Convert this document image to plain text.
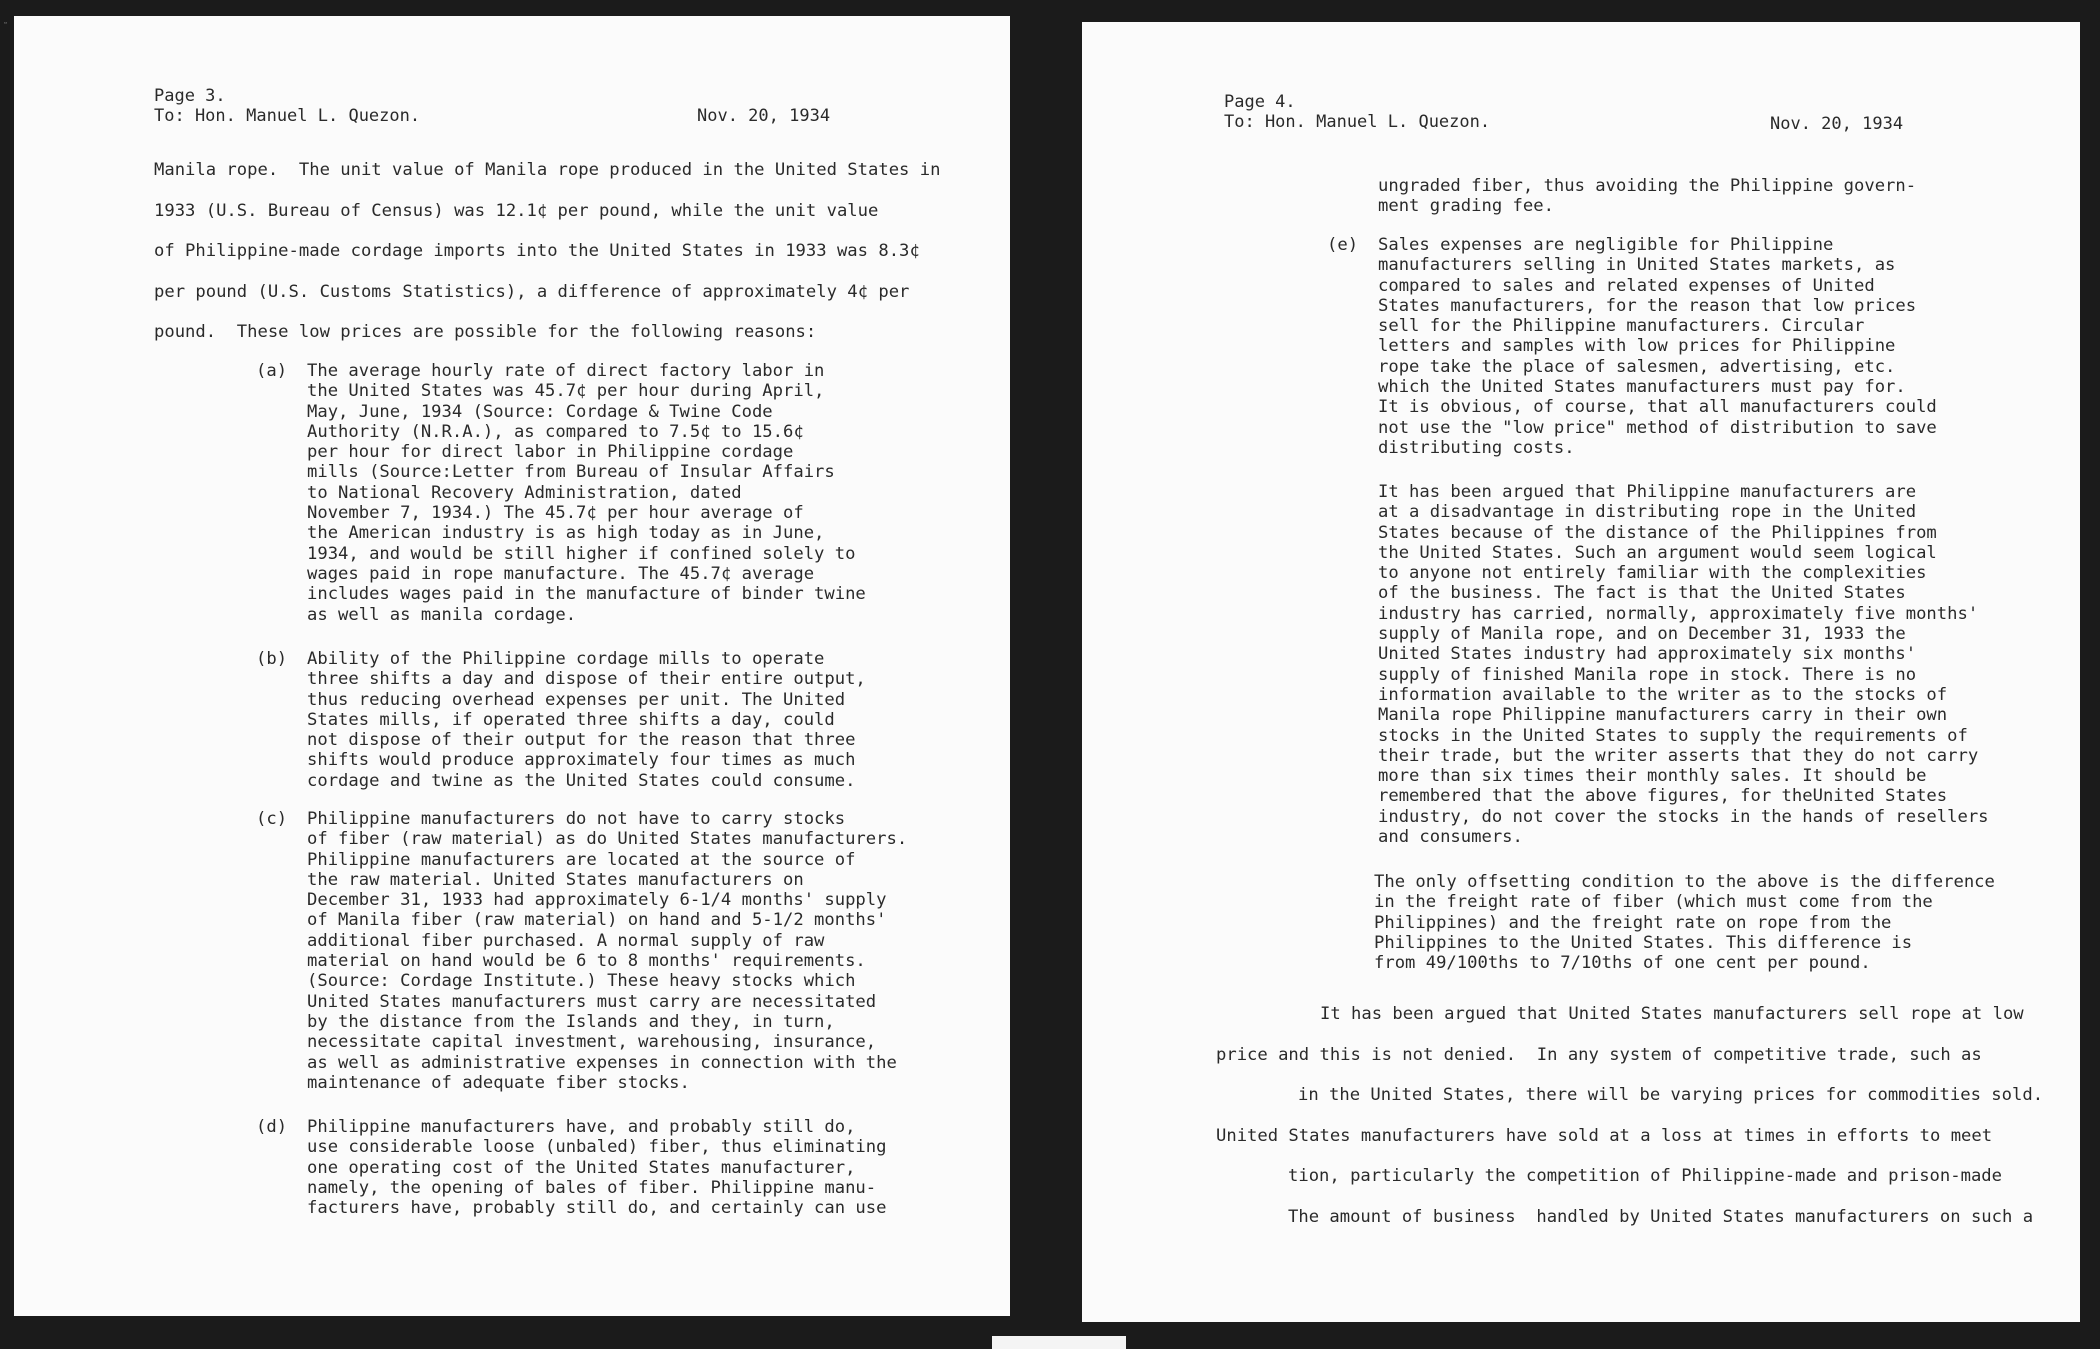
▭
Page 3.
To: Hon. Manuel L. Quezon.	Nov. 20, 1934
Manila rope.  The unit value of Manila rope produced in the United States in
1933 (U.S. Bureau of Census) was 12.1¢ per pound, while the unit value
of Philippine-made cordage imports into the United States in 1933 was 8.3¢
per pound (U.S. Customs Statistics), a difference of approximately 4¢ per
pound.  These low prices are possible for the following reasons:
(a) The average hourly rate of direct factory labor in
the United States was 45.7¢ per hour during April,
May, June, 1934 (Source: Cordage & Twine Code
Authority (N.R.A.), as compared to 7.5¢ to 15.6¢
per hour for direct labor in Philippine cordage
mills (Source:Letter from Bureau of Insular Affairs
to National Recovery Administration, dated
November 7, 1934.) The 45.7¢ per hour average of
the American industry is as high today as in June,
1934, and would be still higher if confined solely to
wages paid in rope manufacture. The 45.7¢ average
includes wages paid in the manufacture of binder twine
as well as manila cordage.
(b) Ability of the Philippine cordage mills to operate
three shifts a day and dispose of their entire output,
thus reducing overhead expenses per unit. The United
States mills, if operated three shifts a day, could
not dispose of their output for the reason that three
shifts would produce approximately four times as much
cordage and twine as the United States could consume.
(c) Philippine manufacturers do not have to carry stocks
of fiber (raw material) as do United States manufacturers.
Philippine manufacturers are located at the source of
the raw material. United States manufacturers on
December 31, 1933 had approximately 6-1/4 months' supply
of Manila fiber (raw material) on hand and 5-1/2 months'
additional fiber purchased. A normal supply of raw
material on hand would be 6 to 8 months' requirements.
(Source: Cordage Institute.) These heavy stocks which
United States manufacturers must carry are necessitated
by the distance from the Islands and they, in turn,
necessitate capital investment, warehousing, insurance,
as well as administrative expenses in connection with the
maintenance of adequate fiber stocks.
(d) Philippine manufacturers have, and probably still do,
use considerable loose (unbaled) fiber, thus eliminating
one operating cost of the United States manufacturer,
namely, the opening of bales of fiber. Philippine manu-
facturers have, probably still do, and certainly can use
Page 4.
To: Hon. Manuel L. Quezon.	Nov. 20, 1934
ungraded fiber, thus avoiding the Philippine govern-
ment grading fee.
(e) Sales expenses are negligible for Philippine
manufacturers selling in United States markets, as
compared to sales and related expenses of United
States manufacturers, for the reason that low prices
sell for the Philippine manufacturers. Circular
letters and samples with low prices for Philippine
rope take the place of salesmen, advertising, etc.
which the United States manufacturers must pay for.
It is obvious, of course, that all manufacturers could
not use the "low price" method of distribution to save
distributing costs.
It has been argued that Philippine manufacturers are
at a disadvantage in distributing rope in the United
States because of the distance of the Philippines from
the United States. Such an argument would seem logical
to anyone not entirely familiar with the complexities
of the business. The fact is that the United States
industry has carried, normally, approximately five months'
supply of Manila rope, and on December 31, 1933 the
United States industry had approximately six months'
supply of finished Manila rope in stock. There is no
information available to the writer as to the stocks of
Manila rope Philippine manufacturers carry in their own
stocks in the United States to supply the requirements of
their trade, but the writer asserts that they do not carry
more than six times their monthly sales. It should be
remembered that the above figures, for theUnited States
industry, do not cover the stocks in the hands of resellers
and consumers.
The only offsetting condition to the above is the difference
in the freight rate of fiber (which must come from the
Philippines) and the freight rate on rope from the
Philippines to the United States. This difference is
from 49/100ths to 7/10ths of one cent per pound.
It has been argued that United States manufacturers sell rope at low
price and this is not denied.  In any system of competitive trade, such as
in the United States, there will be varying prices for commodities sold.
United States manufacturers have sold at a loss at times in efforts to meet
tion, particularly the competition of Philippine-made and prison-made
The amount of business  handled by United States manufacturers on such a
